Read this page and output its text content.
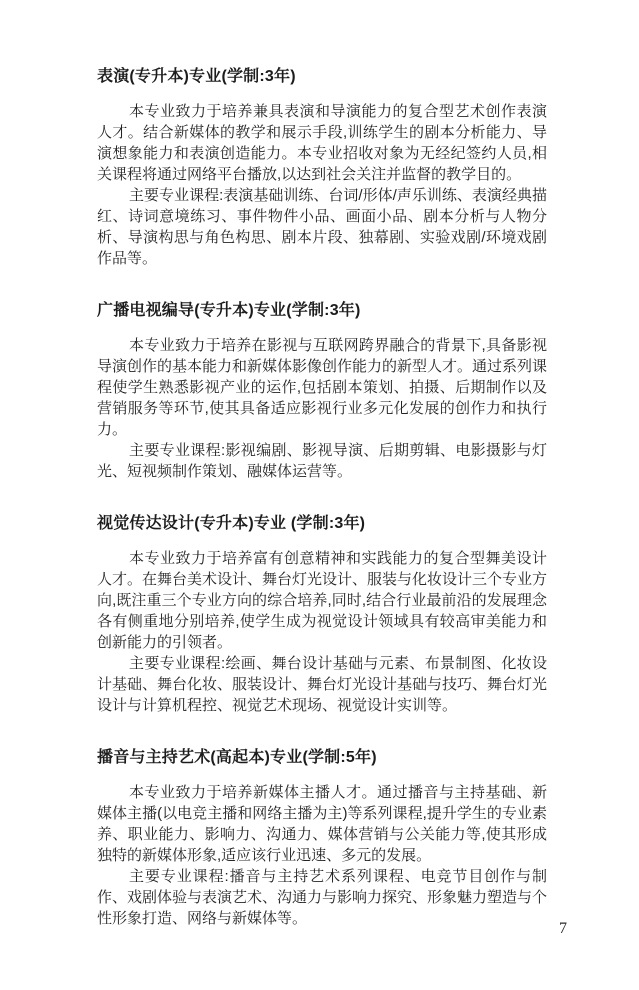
表演(专升本)专业(学制:3年)

本专业致力于培养兼具表演和导演能力的复合型艺术创作表演人才。结合新媒体的教学和展示手段,训练学生的剧本分析能力、导演想象能力和表演创造能力。本专业招收对象为无经纪签约人员,相关课程将通过网络平台播放,以达到社会关注并监督的教学目的。

主要专业课程:表演基础训练、台词/形体/声乐训练、表演经典描红、诗词意境练习、事件物件小品、画面小品、剧本分析与人物分析、导演构思与角色构思、剧本片段、独幕剧、实验戏剧/环境戏剧作品等。

广播电视编导(专升本)专业(学制:3年)

本专业致力于培养在影视与互联网跨界融合的背景下,具备影视导演创作的基本能力和新媒体影像创作能力的新型人才。通过系列课程使学生熟悉影视产业的运作,包括剧本策划、拍摄、后期制作以及营销服务等环节,使其具备适应影视行业多元化发展的创作力和执行力。

主要专业课程:影视编剧、影视导演、后期剪辑、电影摄影与灯光、短视频制作策划、融媒体运营等。

视觉传达设计(专升本)专业 (学制:3年)

本专业致力于培养富有创意精神和实践能力的复合型舞美设计人才。在舞台美术设计、舞台灯光设计、服装与化妆设计三个专业方向,既注重三个专业方向的综合培养,同时,结合行业最前沿的发展理念各有侧重地分别培养,使学生成为视觉设计领域具有较高审美能力和创新能力的引领者。

主要专业课程:绘画、舞台设计基础与元素、布景制图、化妆设计基础、舞台化妆、服装设计、舞台灯光设计基础与技巧、舞台灯光设计与计算机程控、视觉艺术现场、视觉设计实训等。

播音与主持艺术(高起本)专业(学制:5年)

本专业致力于培养新媒体主播人才。通过播音与主持基础、新媒体主播(以电竞主播和网络主播为主)等系列课程,提升学生的专业素养、职业能力、影响力、沟通力、媒体营销与公关能力等,使其形成独特的新媒体形象,适应该行业迅速、多元的发展。

主要专业课程:播音与主持艺术系列课程、电竞节目创作与制作、戏剧体验与表演艺术、沟通力与影响力探究、形象魅力塑造与个性形象打造、网络与新媒体等。

7
